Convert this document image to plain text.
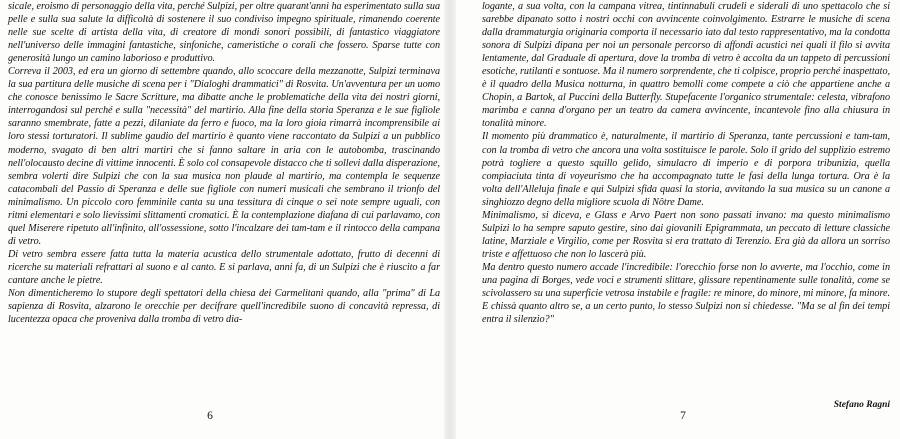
sicale, eroismo di personaggio della vita, perché Sulpizi, per oltre quarant'anni ha esperimentato sulla sua pelle e sulla sua salute la difficoltà di sostenere il suo condiviso impegno spirituale, rimanendo coerente nelle sue scelte di artista della vita, di creatore di mondi sonori possibili, di fantastico viaggiatore nell'universo delle immagini fantastiche, sinfoniche, cameristiche o corali che fossero. Sparse tutte con generosità lungo un camino laborioso e produttivo.

Correva il 2003, ed era un giorno di settembre quando, allo scoccare della mezzanotte, Sulpizi terminava la sua partitura delle musiche di scena per i "Dialoghi drammatici" di Rosvita. Un'avventura per un uomo che conosce benissimo le Sacre Scritture, ma dibatte anche le problematiche della vita dei nostri giorni, interrogandosi sul perché e sulla "necessità" del martirio. Alla fine della storia Speranza e le sue figliole saranno smembrate, fatte a pezzi, dilaniate da ferro e fuoco, ma la loro gioia rimarrà incomprensibile ai loro stessi torturatori. Il sublime gaudio del martirio è quanto viene raccontato da Sulpizi a un pubblico moderno, svagato di ben altri martiri che si fanno saltare in aria con le autobomba, trascinando nell'olocausto decine di vittime innocenti. È solo col consapevole distacco che ti sollevi dalla disperazione, sembra volerti dire Sulpizi che con la sua musica non plaude al martirio, ma contempla le sequenze catacombali del Passio di Speranza e delle sue figliole con numeri musicali che sembrano il trionfo del minimalismo. Un piccolo coro femminile canta su una tessitura di cinque o sei note sempre uguali, con ritmi elementari e solo lievissimi slittamenti cromatici. È la contemplazione diafana di cui parlavamo, con quel Miserere ripetuto all'infinito, all'ossessione, sotto l'incalzare dei tam-tam e il rintocco della campana di vetro.

Di vetro sembra essere fatta tutta la materia acustica dello strumentale adottato, frutto di decenni di ricerche su materiali refrattari al suono e al canto. E si parlava, anni fa, di un Sulpizi che è riuscito a far cantare anche le pietre.

Non dimenticheremo lo stupore degli spettatori della chiesa dei Carmelitani quando, alla "prima" di La sapienza di Rosvita, alzarono le orecchie per decifrare quell'incredibile suono di concavità repressa, di lucentezza opaca che proveniva dalla tromba di vetro dia-

6

logante, a sua volta, con la campana vitrea, tintinnabuli crudeli e siderali di uno spettacolo che si sarebbe dipanato sotto i nostri occhi con avvincente coinvolgimento. Estrarre le musiche di scena dalla drammaturgia originaria comporta il necessario iato dal testo rappresentativo, ma la condotta sonora di Sulpizi dipana per noi un personale percorso di affondi acustici nei quali il filo si avvita lentamente, dal Graduale di apertura, dove la tromba di vetro è accolta da un tappeto di percussioni esotiche, rutilanti e sontuose. Ma il numero sorprendente, che ti colpisce, proprio perché inaspettato, è il quadro della Musica notturna, in quattro bemolli come compete a ciò che appartiene anche a Chopin, a Bartok, al Puccini della Butterfly. Stupefacente l'organico strumentale: celesta, vibrafono marimba e canna d'organo per un teatro da camera avvincente, incantevole fino alla chiusura in tonalità minore.

Il momento più drammatico è, naturalmente, il martirio di Speranza, tante percussioni e tam-tam, con la tromba di vetro che ancora una volta sostituisce le parole. Solo il grido del supplizio estremo potrà togliere a questo squillo gelido, simulacro di imperio e di porpora tribunizia, quella compiaciuta tinta di voyeurismo che ha accompagnato tutte le fasi della lunga tortura. Ora è la volta dell'Alleluja finale e qui Sulpizi sfida quasi la storia, avvitando la sua musica su un canone a singhiozzo degno della migliore scuola di Nôtre Dame.

Minimalismo, si diceva, e Glass e Arvo Paert non sono passati invano: ma questo minimalismo Sulpizi lo ha sempre saputo gestire, sino dai giovanili Epigrammata, un peccato di letture classiche latine, Marziale e Virgilio, come per Rosvita si era trattato di Terenzio. Era già da allora un sorriso triste e affettuoso che non lo lascerà più.

Ma dentro questo numero accade l'incredibile: l'orecchio forse non lo avverte, ma l'occhio, come in una pagina di Borges, vede voci e strumenti slittare, glissare repentinamente sulle tonalità, come se scivolassero su una superficie vetrosa instabile e fragile: re minore, do minore, mi minore, fa minore. E chissà quanto altro se, a un certo punto, lo stesso Sulpizi non si chiedesse. "Ma se al fin dei tempi entra il silenzio?"

Stefano Ragni
7
